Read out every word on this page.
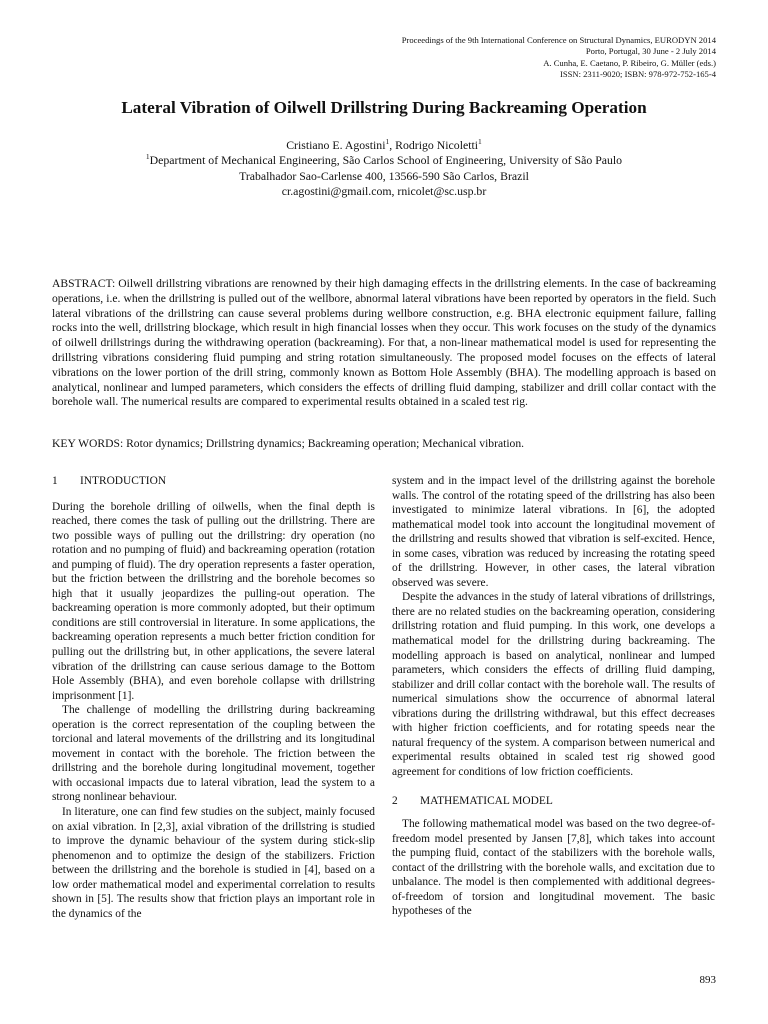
Proceedings of the 9th International Conference on Structural Dynamics, EURODYN 2014
Porto, Portugal, 30 June - 2 July 2014
A. Cunha, E. Caetano, P. Ribeiro, G. Müller (eds.)
ISSN: 2311-9020; ISBN: 978-972-752-165-4
Lateral Vibration of Oilwell Drillstring During Backreaming Operation
Cristiano E. Agostini$^1$, Rodrigo Nicoletti$^1$
$^1$Department of Mechanical Engineering, São Carlos School of Engineering, University of São Paulo
Trabalhador Sao-Carlense 400, 13566-590 São Carlos, Brazil
cr.agostini@gmail.com, rnicolet@sc.usp.br

ABSTRACT: Oilwell drillstring vibrations are renowned by their high damaging effects in the drillstring elements. In the case of backreaming operations, i.e. when the drillstring is pulled out of the wellbore, abnormal lateral vibrations have been reported by operators in the field. Such lateral vibrations of the drillstring can cause several problems during wellbore construction, e.g. BHA electronic equipment failure, falling rocks into the well, drillstring blockage, which result in high financial losses when they occur. This work focuses on the study of the dynamics of oilwell drillstrings during the withdrawing operation (backreaming). For that, a non-linear mathematical model is used for representing the drillstring vibrations considering fluid pumping and string rotation simultaneously. The proposed model focuses on the effects of lateral vibrations on the lower portion of the drill string, commonly known as Bottom Hole Assembly (BHA). The modelling approach is based on analytical, nonlinear and lumped parameters, which considers the effects of drilling fluid damping, stabilizer and drill collar contact with the borehole wall. The numerical results are compared to experimental results obtained in a scaled test rig.

KEY WORDS: Rotor dynamics; Drillstring dynamics; Backreaming operation; Mechanical vibration.

1	INTRODUCTION

During the borehole drilling of oilwells, when the final depth is reached, there comes the task of pulling out the drillstring. There are two possible ways of pulling out the drillstring: dry operation (no rotation and no pumping of fluid) and backreaming operation (rotation and pumping of fluid). The dry operation represents a faster operation, but the friction between the drillstring and the borehole becomes so high that it usually jeopardizes the pulling-out operation. The backreaming operation is more commonly adopted, but their optimum conditions are still controversial in literature. In some applications, the backreaming operation represents a much better friction condition for pulling out the drillstring but, in other applications, the severe lateral vibration of the drillstring can cause serious damage to the Bottom Hole Assembly (BHA), and even borehole collapse with drillstring imprisonment [1].

The challenge of modelling the drillstring during backreaming operation is the correct representation of the coupling between the torcional and lateral movements of the drillstring and its longitudinal movement in contact with the borehole. The friction between the drillstring and the borehole during longitudinal movement, together with occasional impacts due to lateral vibration, lead the system to a strong nonlinear behaviour.

In literature, one can find few studies on the subject, mainly focused on axial vibration. In [2,3], axial vibration of the drillstring is studied to improve the dynamic behaviour of the system during stick-slip phenomenon and to optimize the design of the stabilizers. Friction between the drillstring and the borehole is studied in [4], based on a low order mathematical model and experimental correlation to results shown in [5]. The results show that friction plays an important role in the dynamics of the

system and in the impact level of the drillstring against the borehole walls. The control of the rotating speed of the drillstring has also been investigated to minimize lateral vibrations. In [6], the adopted mathematical model took into account the longitudinal movement of the drillstring and results showed that vibration is self-excited. Hence, in some cases, vibration was reduced by increasing the rotating speed of the drillstring. However, in other cases, the lateral vibration observed was severe.

Despite the advances in the study of lateral vibrations of drillstrings, there are no related studies on the backreaming operation, considering drillstring rotation and fluid pumping. In this work, one develops a mathematical model for the drillstring during backreaming. The modelling approach is based on analytical, nonlinear and lumped parameters, which considers the effects of drilling fluid damping, stabilizer and drill collar contact with the borehole wall. The results of numerical simulations show the occurrence of abnormal lateral vibrations during the drillstring withdrawal, but this effect decreases with higher friction coefficients, and for rotating speeds near the natural frequency of the system. A comparison between numerical and experimental results obtained in scaled test rig showed good agreement for conditions of low friction coefficients.

2	MATHEMATICAL MODEL

The following mathematical model was based on the two degree-of-freedom model presented by Jansen [7,8], which takes into account the pumping fluid, contact of the stabilizers with the borehole walls, contact of the drillstring with the borehole walls, and excitation due to unbalance. The model is then complemented with additional degrees-of-freedom of torsion and longitudinal movement. The basic hypotheses of the

893
